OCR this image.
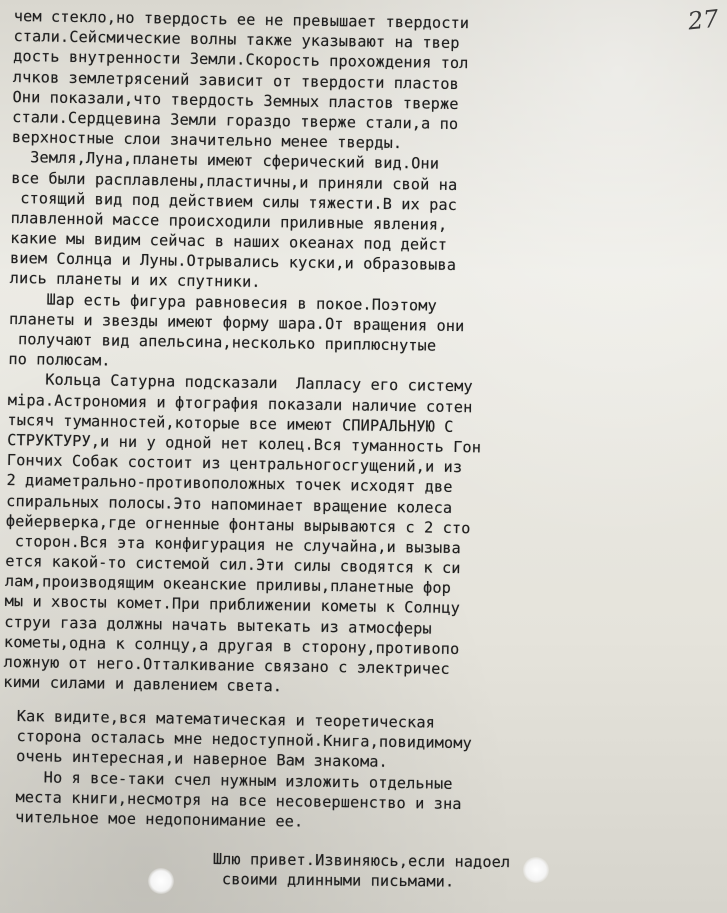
27
чем стекло,но твердость ее не превышает твердости
стали.Сейсмические волны также указывают на твер
дость внутренности Земли.Скорость прохождения тол
лчков землетрясений зависит от твердости пластов
Они показали,что твердость Земных пластов тверже
стали.Сердцевина Земли гораздо тверже стали,а по
верхностные слои значительно менее тверды.
Земля,Луна,планеты имеют сферический вид.Они
все были расплавлены,пластичны,и приняли свой на
стоящий вид под действием силы тяжести.В их рас
плавленной массе происходили приливные явления,
какие мы видим сейчас в наших океанах под дейст
вием Солнца и Луны.Отрывались куски,и образовыва
лись планеты и их спутники.
Шар есть фигура равновесия в покое.Поэтому
планеты и звезды имеют форму шара.От вращения они
получают вид апельсина,несколько приплюснутые
по полюсам.
Кольца Сатурна подсказали  Лапласу его систему
міра.Астрономия и фтография показали наличие сотен
тысяч туманностей,которые все имеют СПИРАЛЬНУЮ С
СТРУКТУРУ,и ни у одной нет колец.Вся туманность Гон
Гончих Собак состоит из центральногосгущений,и из
2 диаметрально-противоположных точек исходят две
спиральных полосы.Это напоминает вращение колеса
фейерверка,где огненные фонтаны вырываются с 2 сто
сторон.Вся эта конфигурация не случайна,и вызыва
ется какой-то системой сил.Эти силы сводятся к си
лам,производящим океанские приливы,планетные фор
мы и хвосты комет.При приближении кометы к Солнцу
струи газа должны начать вытекать из атмосферы
кометы,одна к солнцу,а другая в сторону,противопо
ложную от него.Отталкивание связано с электричес
кими силами и давлением света.
Как видите,вся математическая и теоретическая
сторона осталась мне недоступной.Книга,повидимому
очень интересная,и наверное Вам знакома.
Но я все-таки счел нужным изложить отдельные
места книги,несмотря на все несовершенство и зна
чительное мое недопонимание ее.
Шлю привет.Извиняюсь,если надоел
своими длинными письмами.
